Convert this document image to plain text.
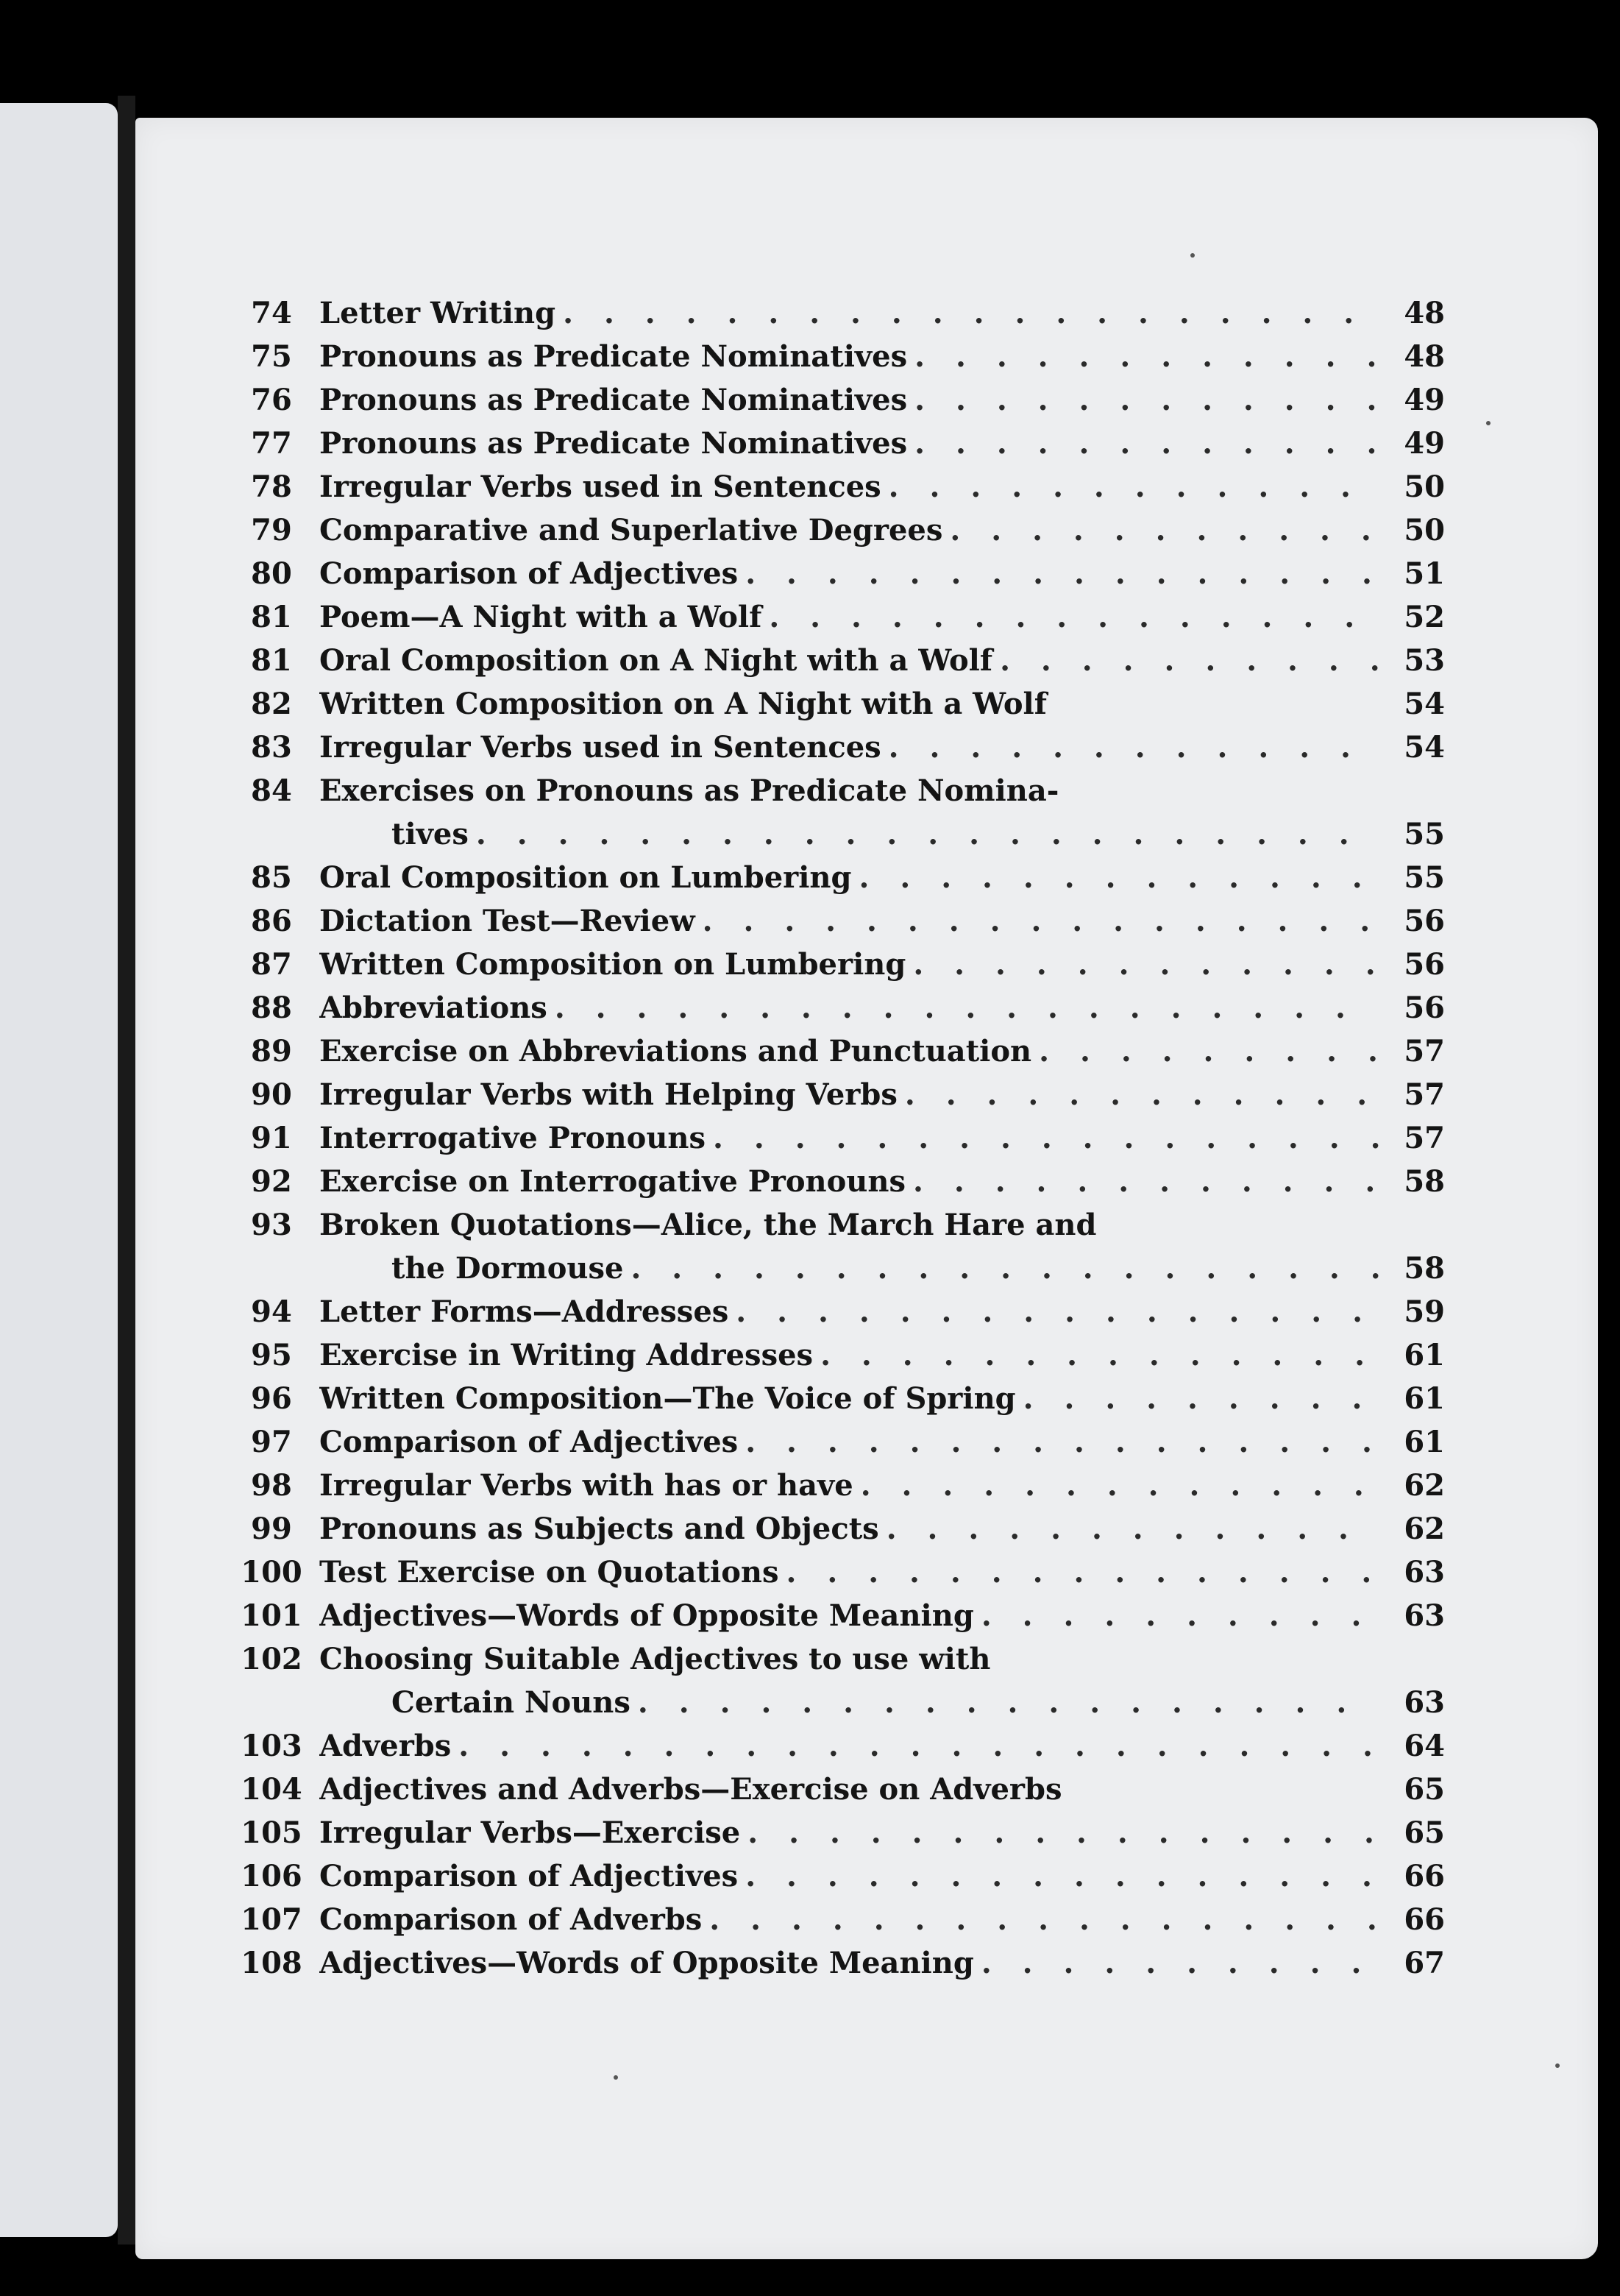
74 Letter Writing . . .	48
75 Pronouns as Predicate Nominatives . . .	48
76 Pronouns as Predicate Nominatives . . .	49
77 Pronouns as Predicate Nominatives . . .	49
78 Irregular Verbs used in Sentences . . .	50
79 Comparative and Superlative Degrees . . .	50
80 Comparison of Adjectives . . .	51
81 Poem—A Night with a Wolf . . .	52
81 Oral Composition on A Night with a Wolf . . .	53
82 Written Composition on A Night with a Wolf	54
83 Irregular Verbs used in Sentences . . .	54
84 Exercises on Pronouns as Predicate Nomina-
tives . . .	55
85 Oral Composition on Lumbering . . .	55
86 Dictation Test—Review . . .	56
87 Written Composition on Lumbering . . .	56
88 Abbreviations . . .	56
89 Exercise on Abbreviations and Punctuation . . .	57
90 Irregular Verbs with Helping Verbs . . .	57
91 Interrogative Pronouns . . .	57
92 Exercise on Interrogative Pronouns . . .	58
93 Broken Quotations—Alice, the March Hare and
the Dormouse . . .	58
94 Letter Forms—Addresses . . .	59
95 Exercise in Writing Addresses . . .	61
96 Written Composition—The Voice of Spring . . .	61
97 Comparison of Adjectives . . .	61
98 Irregular Verbs with has or have . . .	62
99 Pronouns as Subjects and Objects . . .	62
100 Test Exercise on Quotations . . .	63
101 Adjectives—Words of Opposite Meaning . . .	63
102 Choosing Suitable Adjectives to use with
Certain Nouns . . .	63
103 Adverbs . . .	64
104 Adjectives and Adverbs—Exercise on Adverbs	65
105 Irregular Verbs—Exercise . . .	65
106 Comparison of Adjectives . . .	66
107 Comparison of Adverbs . . .	66
108 Adjectives—Words of Opposite Meaning . . .	67
